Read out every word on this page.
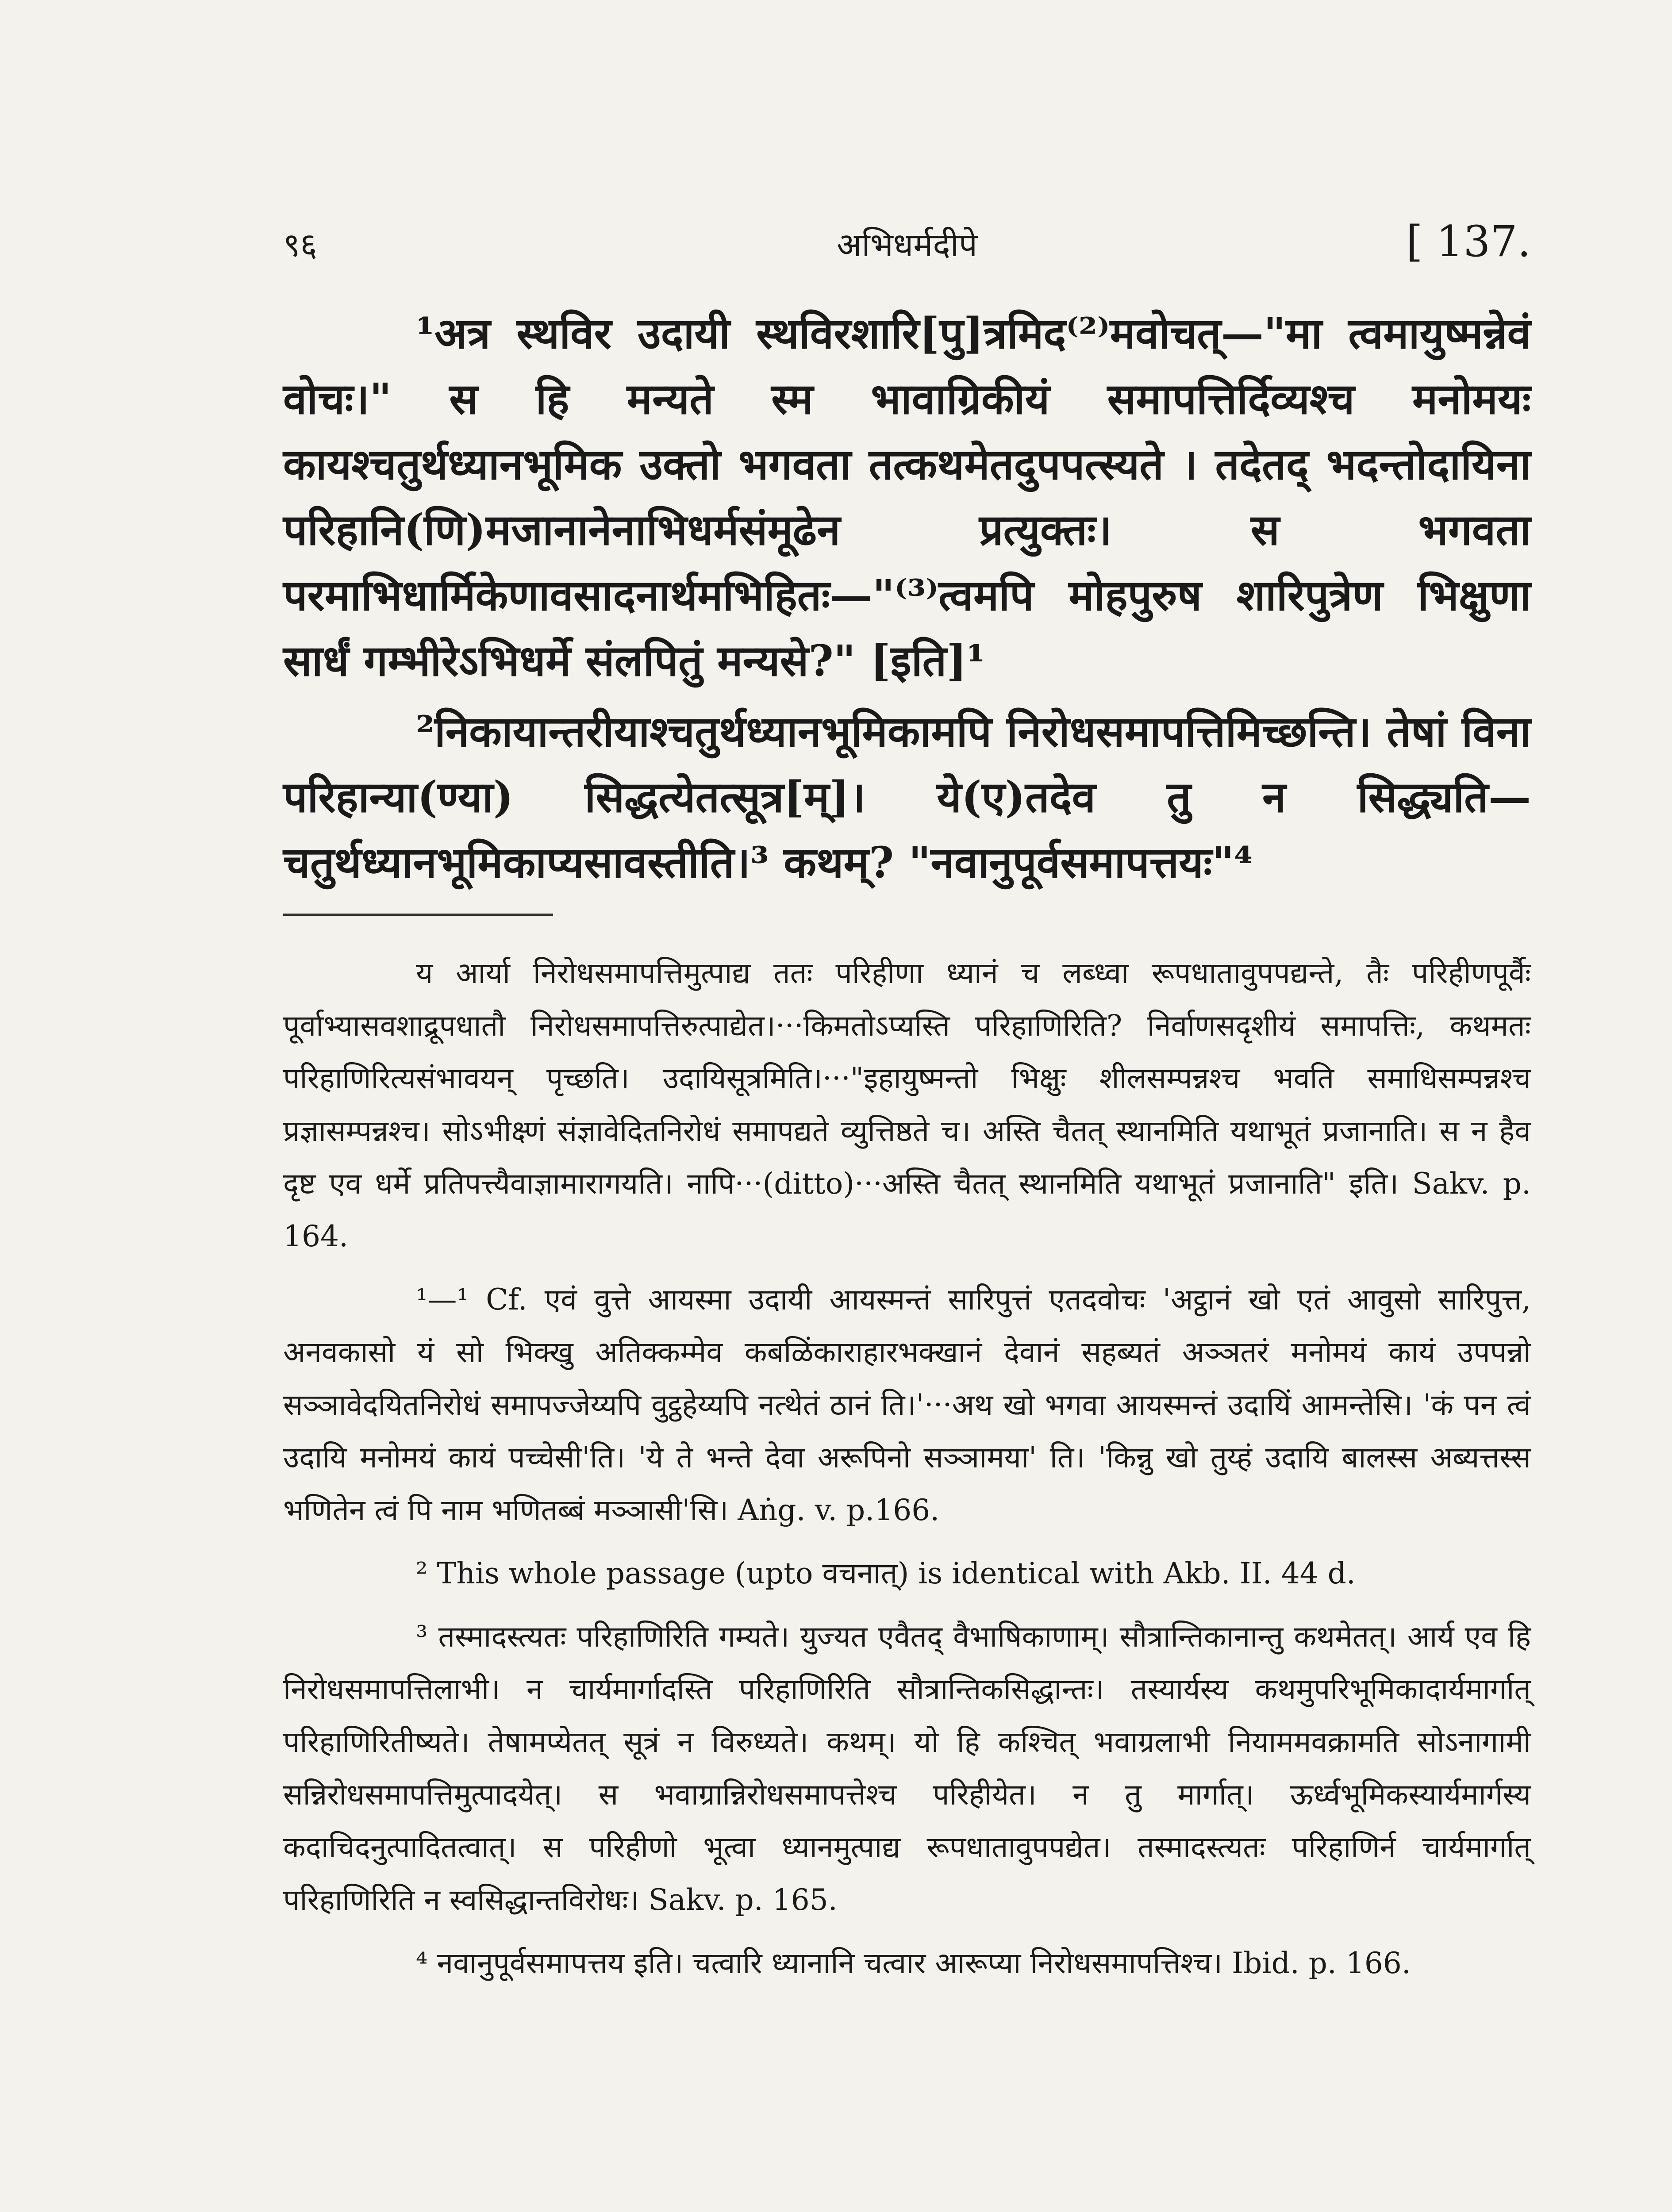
९६	अभिधर्मदीपे	[ 137.

¹अत्र स्थविर उदायी स्थविरशारि[पु]त्रमिद⁽²⁾मवोचत्—"मा त्वमायुष्मन्नेवं वोचः।" स हि मन्यते स्म भावाग्रिकीयं समापत्तिर्दिव्यश्च मनोमयः कायश्चतुर्थध्यानभूमिक उक्तो भगवता तत्कथमेतदुपपत्स्यते । तदेतद् भदन्तोदायिना परिहानि(णि)मजानानेनाभिधर्मसंमूढेन प्रत्युक्तः। स भगवता परमाभिधार्मिकेणावसादनार्थमभिहितः—"⁽³⁾त्वमपि मोहपुरुष शारिपुत्रेण भिक्षुणा सार्धं गम्भीरेऽभिधर्मे संलपितुं मन्यसे?" [इति]¹

²निकायान्तरीयाश्चतुर्थध्यानभूमिकामपि निरोधसमापत्तिमिच्छन्ति। तेषां विना परिहान्या(ण्या) सिद्धत्येतत्सूत्र[म्]। ये(ए)तदेव तु न सिद्ध्यति—चतुर्थध्यानभूमिकाप्यसावस्तीति।³ कथम्? "नवानुपूर्वसमापत्तयः"⁴

य आर्या निरोधसमापत्तिमुत्पाद्य ततः परिहीणा ध्यानं च लब्ध्वा रूपधातावुपपद्यन्ते, तैः परिहीणपूर्वैः पूर्वाभ्यासवशाद्रूपधातौ निरोधसमापत्तिरुत्पाद्येत।···किमतोऽप्यस्ति परिहाणिरिति? निर्वाणसदृशीयं समापत्तिः, कथमतः परिहाणिरित्यसंभावयन् पृच्छति। उदायिसूत्रमिति।···"इहायुष्मन्तो भिक्षुः शीलसम्पन्नश्च भवति समाधिसम्पन्नश्च प्रज्ञासम्पन्नश्च। सोऽभीक्ष्णं संज्ञावेदितनिरोधं समापद्यते व्युत्तिष्ठते च। अस्ति चैतत् स्थानमिति यथाभूतं प्रजानाति। स न हैव दृष्ट एव धर्मे प्रतिपत्त्यैवाज्ञामारागयति। नापि···(ditto)···अस्ति चैतत् स्थानमिति यथाभूतं प्रजानाति" इति। Sakv. p. 164.

¹—¹ Cf. एवं वुत्ते आयस्मा उदायी आयस्मन्तं सारिपुत्तं एतदवोचः 'अट्ठानं खो एतं आवुसो सारिपुत्त, अनवकासो यं सो भिक्खु अतिक्कम्मेव कबळिंकाराहारभक्खानं देवानं सहब्यतं अञ्ञतरं मनोमयं कायं उपपन्नो सञ्ञावेदयितनिरोधं समापज्जेय्यपि वुट्ठहेय्यपि नत्थेतं ठानं ति।'···अथ खो भगवा आयस्मन्तं उदायिं आमन्तेसि। 'कं पन त्वं उदायि मनोमयं कायं पच्चेसी'ति। 'ये ते भन्ते देवा अरूपिनो सञ्ञामया' ति। 'किन्नु खो तुय्हं उदायि बालस्स अब्यत्तस्स भणितेन त्वं पि नाम भणितब्बं मञ्ञासी'सि। Aṅg. v. p.166.

² This whole passage (upto वचनात्) is identical with Akb. II. 44 d.

³ तस्मादस्त्यतः परिहाणिरिति गम्यते। युज्यत एवैतद् वैभाषिकाणाम्। सौत्रान्तिकानान्तु कथमेतत्। आर्य एव हि निरोधसमापत्तिलाभी। न चार्यमार्गादस्ति परिहाणिरिति सौत्रान्तिकसिद्धान्तः। तस्यार्यस्य कथमुपरिभूमिकादार्यमार्गात् परिहाणिरितीष्यते। तेषामप्येतत् सूत्रं न विरुध्यते। कथम्। यो हि कश्चित् भवाग्रलाभी नियाममवक्रामति सोऽनागामी सन्निरोधसमापत्तिमुत्पादयेत्। स भवाग्रान्निरोधसमापत्तेश्च परिहीयेत। न तु मार्गात्। ऊर्ध्वभूमिकस्यार्यमार्गस्य कदाचिदनुत्पादितत्वात्। स परिहीणो भूत्वा ध्यानमुत्पाद्य रूपधातावुपपद्येत। तस्मादस्त्यतः परिहाणिर्न चार्यमार्गात् परिहाणिरिति न स्वसिद्धान्तविरोधः। Sakv. p. 165.

⁴ नवानुपूर्वसमापत्तय इति। चत्वारि ध्यानानि चत्वार आरूप्या निरोधसमापत्तिश्च। Ibid. p. 166.
